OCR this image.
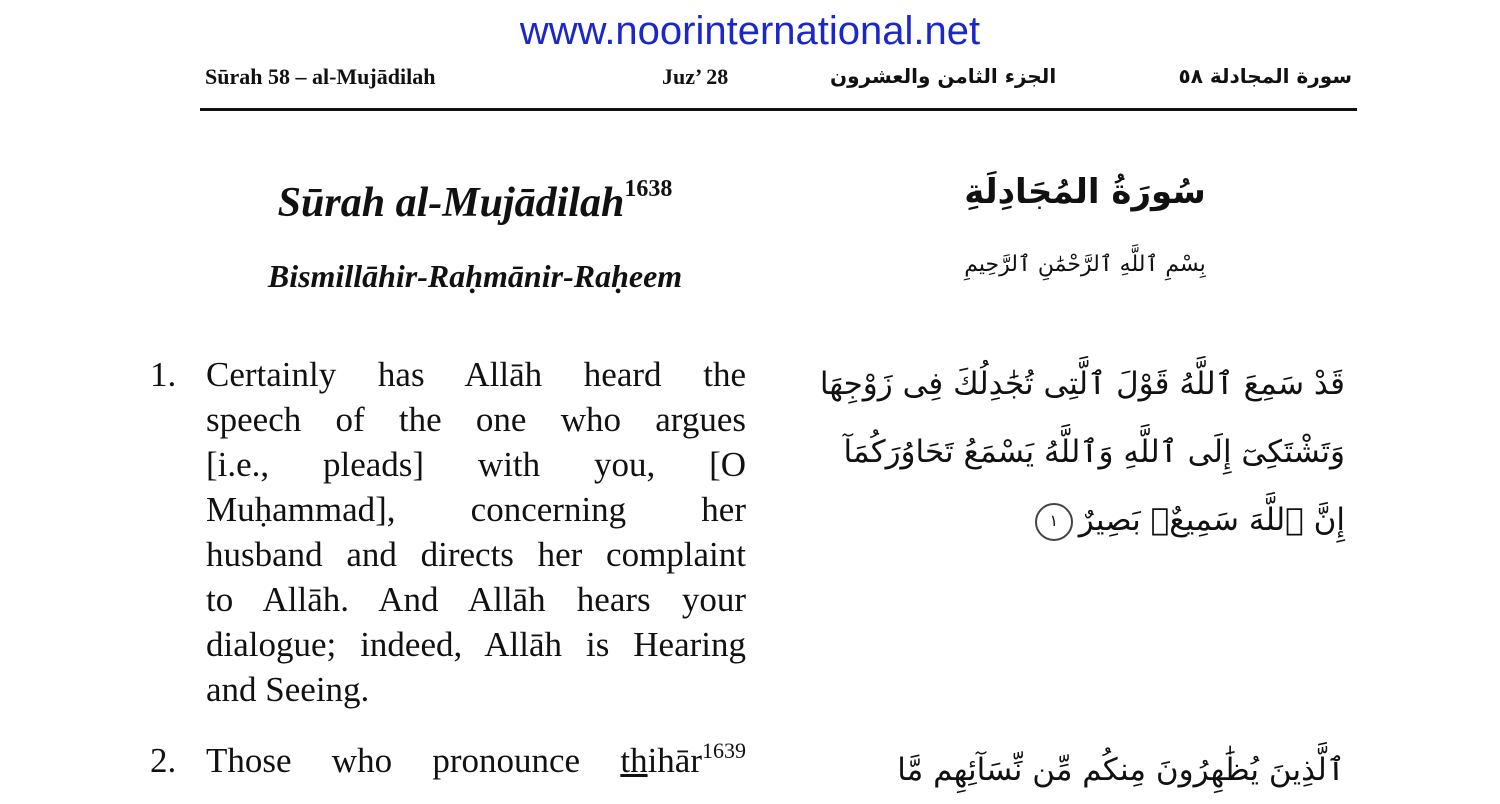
www.noorinternational.net
Sūrah 58 – al-Mujādilah	Juz’ 28	الجزء الثامن والعشرون	سورة المجادلة ٥٨
Sūrah al-Mujādilah$^{1638}$
Bismillāhir-Raḥmānir-Raḥeem
سُورَةُ المُجَادِلَةِ
بِسْمِ ٱللَّهِ ٱلرَّحْمَٰنِ ٱلرَّحِيمِ
1. Certainly has Allāh heard the
speech of the one who argues
[i.e., pleads] with you, [O
Muḥammad], concerning her
husband and directs her complaint
to Allāh. And Allāh hears your
dialogue; indeed, Allāh is Hearing
and Seeing.
قَدْ سَمِعَ ٱللَّهُ قَوْلَ ٱلَّتِى تُجَٰدِلُكَ فِى زَوْجِهَا
وَتَشْتَكِىٓ إِلَى ٱللَّهِ وَٱللَّهُ يَسْمَعُ تَحَاوُرَكُمَآ
إِنَّ ٱللَّهَ سَمِيعٌۢ بَصِيرٌ١
2. Those who pronounce thihār$^{1639}$
ٱلَّذِينَ يُظَٰهِرُونَ مِنكُم مِّن نِّسَآئِهِم مَّا
